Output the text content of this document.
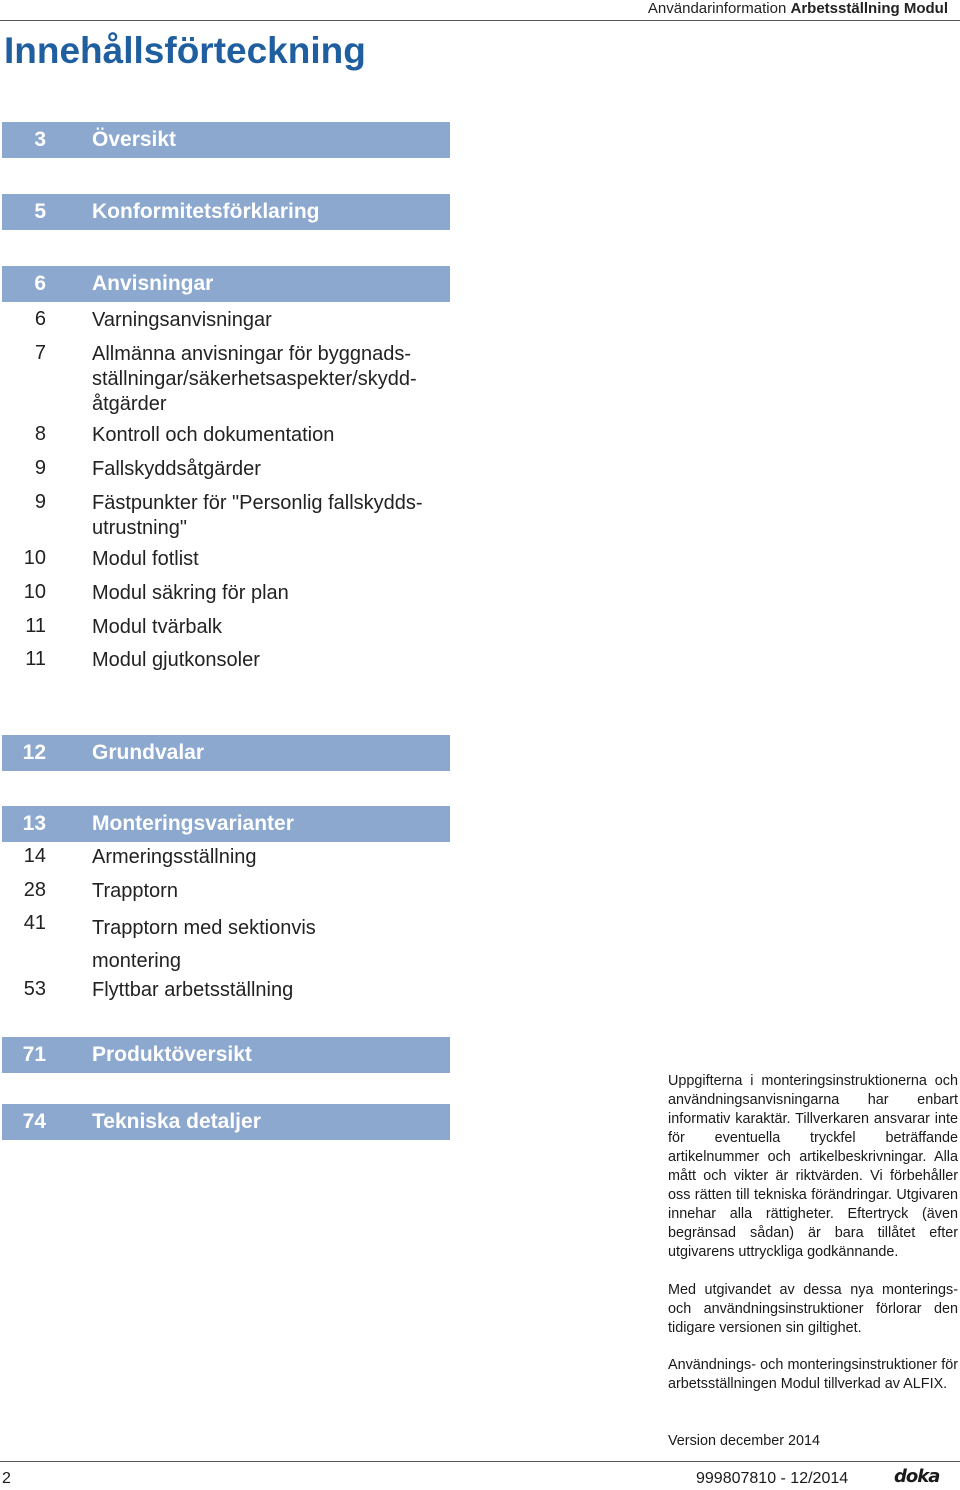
Användarinformation Arbetsställning Modul
Innehållsförteckning
3 Översikt
5 Konformitetsförklaring
6 Anvisningar
6 Varningsanvisningar
7 Allmänna anvisningar för byggnads-ställningar/säkerhetsaspekter/skydd-åtgärder
8 Kontroll och dokumentation
9 Fallskyddsåtgärder
9 Fästpunkter för "Personlig fallskydds-utrustning"
10 Modul fotlist
10 Modul säkring för plan
11 Modul tvärbalk
11 Modul gjutkonsoler
12 Grundvalar
13 Monteringsvarianter
14 Armeringsställning
28 Trapptorn
41 Trapptorn med sektionvis montering
53 Flyttbar arbetsställning
71 Produktöversikt
74 Tekniska detaljer

Uppgifterna i monteringsinstruktionerna och användningsanvisningarna har enbart informativ karaktär. Tillverkaren ansvarar inte för eventuella tryckfel beträffande artikelnummer och artikelbeskrivningar. Alla mått och vikter är riktvärden. Vi förbehåller oss rätten till tekniska förändringar. Utgivaren innehar alla rättigheter. Eftertryck (även begränsad sådan) är bara tillåtet efter utgivarens uttryckliga godkännande.

Med utgivandet av dessa nya monterings- och användningsinstruktioner förlorar den tidigare versionen sin giltighet.

Användnings- och monteringsinstruktioner för arbetsställningen Modul tillverkad av ALFIX.

Version december 2014

2	999807810 - 12/2014	doka
